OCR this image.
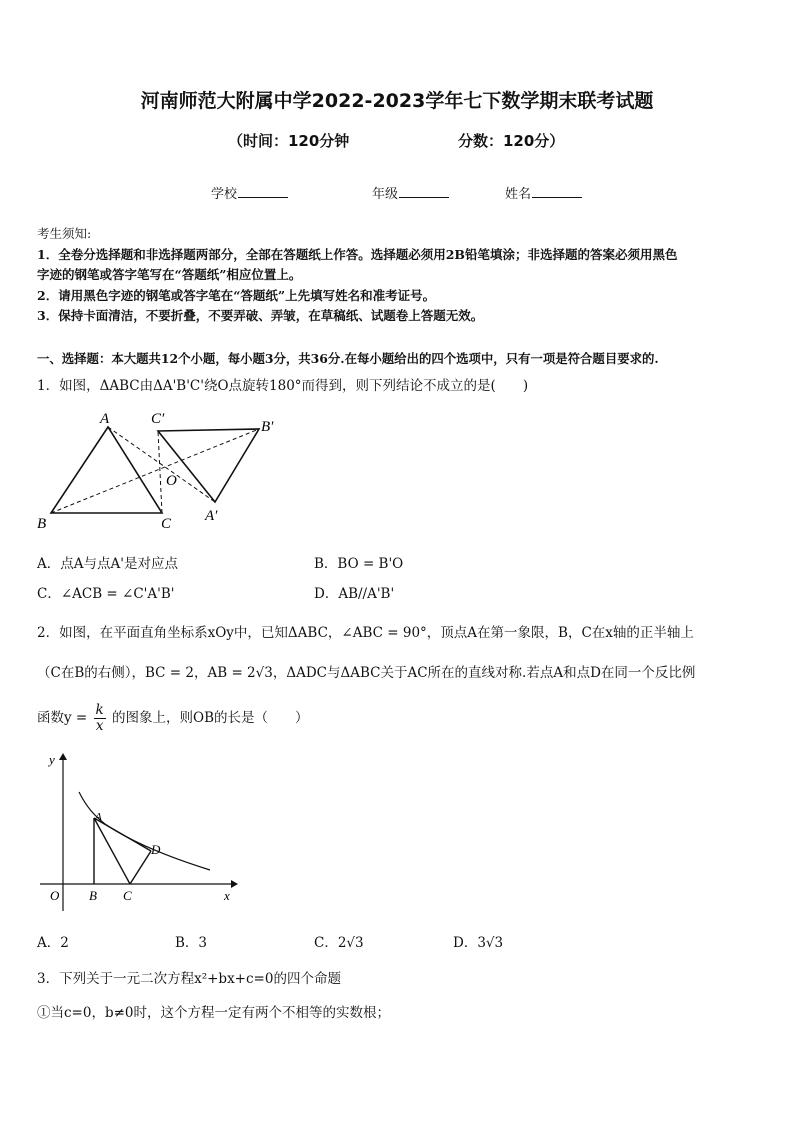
河南师范大附属中学2022-2023学年七下数学期末联考试题
（时间：120分钟	分数：120分）
学校	年级	姓名
考生须知:
1．全卷分选择题和非选择题两部分，全部在答题纸上作答。选择题必须用2B铅笔填涂；非选择题的答案必须用黑色
字迹的钢笔或答字笔写在“答题纸”相应位置上。
2．请用黑色字迹的钢笔或答字笔在“答题纸”上先填写姓名和准考证号。
3．保持卡面清洁，不要折叠，不要弄破、弄皱，在草稿纸、试题卷上答题无效。
一、选择题：本大题共12个小题，每小题3分，共36分.在每小题给出的四个选项中，只有一项是符合题目要求的.
1．如图，ΔABC由ΔA'B'C'绕O点旋转180°而得到，则下列结论不成立的是(　　)
A
B	C A′
B′
C′
O
A．点A与点A'是对应点	B．BO = B'O
C．∠ACB = ∠C'A'B'	D．AB//A'B'
2．如图，在平面直角坐标系xOy中，已知ΔABC，∠ABC = 90°，顶点A在第一象限，B，C在x轴的正半轴上
（C在B的右侧），BC = 2，AB = 2√3，ΔADC与ΔABC关于AC所在的直线对称.若点A和点D在同一个反比例
函数$y = \frac{k}{x}$ 的图象上，则OB的长是（　　）
y
x
O
A
B C
D
A．2	B．3	C．2√3	D．3√3
3．下列关于一元二次方程x²+bx+c=0的四个命题
①当c=0，b≠0时，这个方程一定有两个不相等的实数根；
